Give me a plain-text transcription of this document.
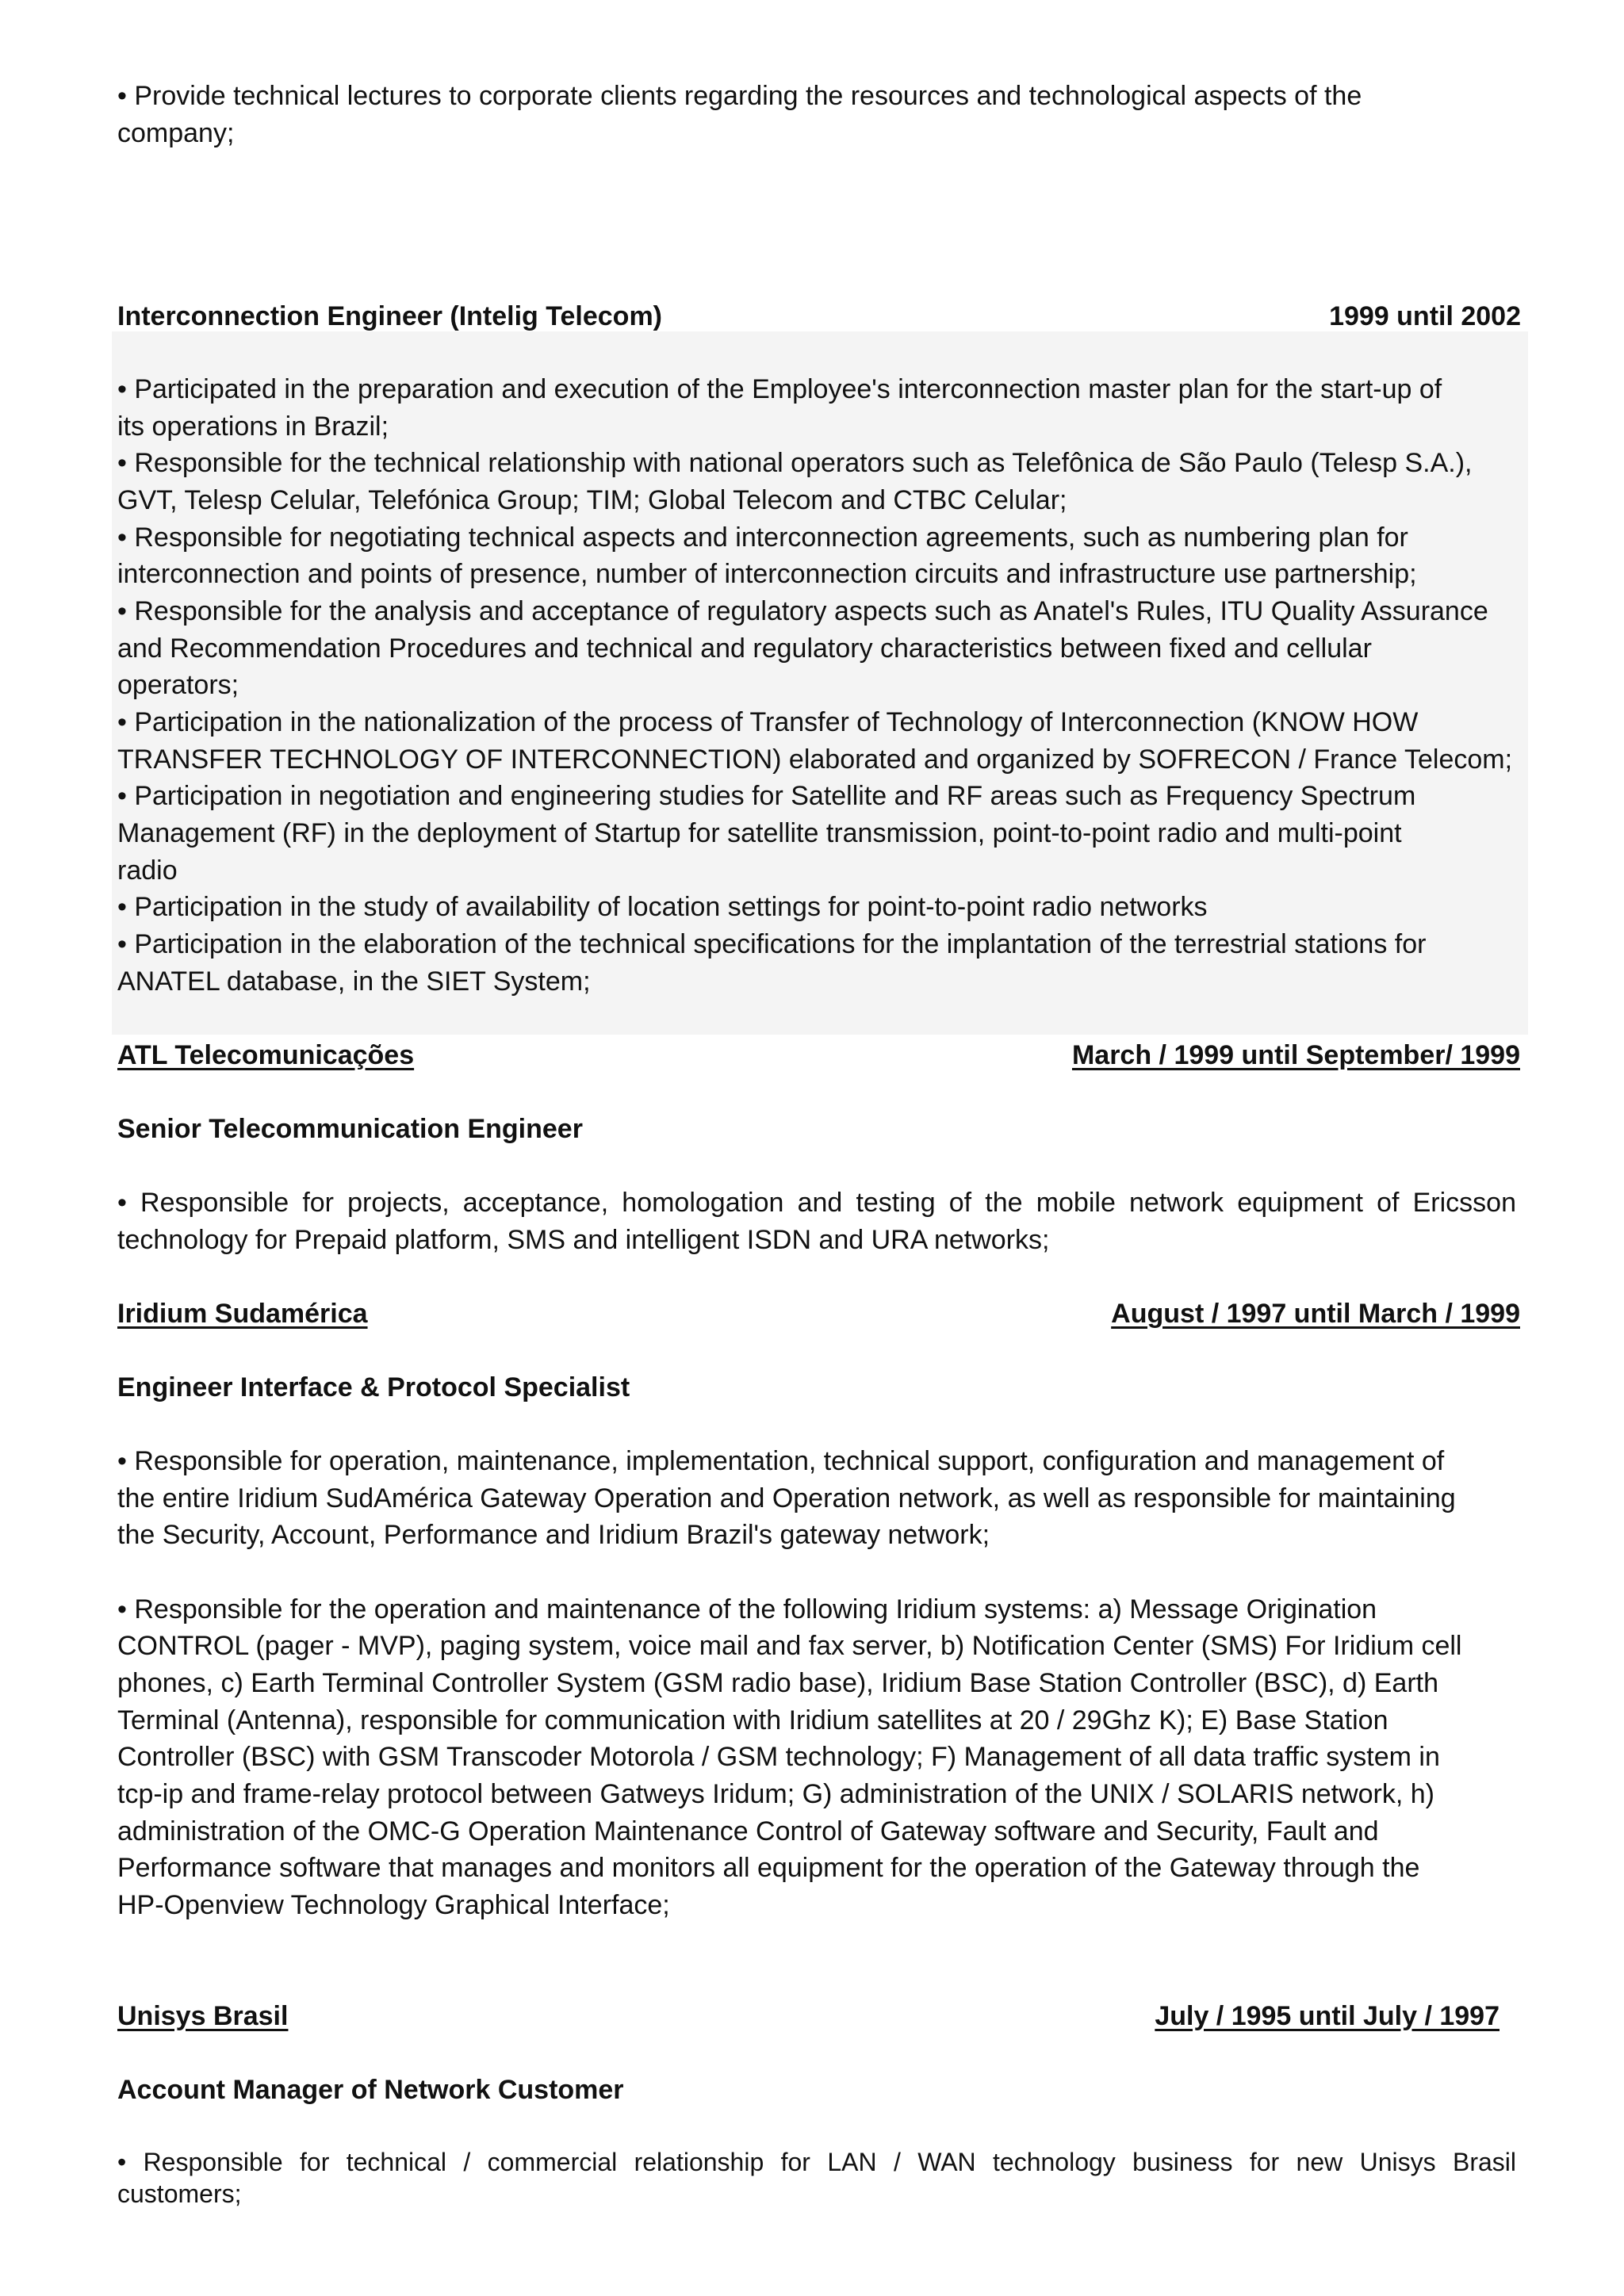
• Provide technical lectures to corporate clients regarding the resources and technological aspects of the
company;
Interconnection Engineer (Intelig Telecom)	1999 until 2002
• Participated in the preparation and execution of the Employee's interconnection master plan for the start-up of
its operations in Brazil;
• Responsible for the technical relationship with national operators such as Telefônica de São Paulo (Telesp S.A.),
GVT, Telesp Celular, Telefónica Group; TIM; Global Telecom and CTBC Celular;
• Responsible for negotiating technical aspects and interconnection agreements, such as numbering plan for
interconnection and points of presence, number of interconnection circuits and infrastructure use partnership;
• Responsible for the analysis and acceptance of regulatory aspects such as Anatel's Rules, ITU Quality Assurance
and Recommendation Procedures and technical and regulatory characteristics between fixed and cellular
operators;
• Participation in the nationalization of the process of Transfer of Technology of Interconnection (KNOW HOW
TRANSFER TECHNOLOGY OF INTERCONNECTION) elaborated and organized by SOFRECON / France Telecom;
• Participation in negotiation and engineering studies for Satellite and RF areas such as Frequency Spectrum
Management (RF) in the deployment of Startup for satellite transmission, point-to-point radio and multi-point
radio
• Participation in the study of availability of location settings for point-to-point radio networks
• Participation in the elaboration of the technical specifications for the implantation of the terrestrial stations for
ANATEL database, in the SIET System;
ATL Telecomunicações	March / 1999 until September/ 1999
Senior Telecommunication Engineer
• Responsible for projects, acceptance, homologation and testing of the mobile network equipment of Ericsson
technology for Prepaid platform, SMS and intelligent ISDN and URA networks;
Iridium Sudamérica	August / 1997 until March / 1999
Engineer Interface & Protocol Specialist
• Responsible for operation, maintenance, implementation, technical support, configuration and management of
the entire Iridium SudAmérica Gateway Operation and Operation network, as well as responsible for maintaining
the Security, Account, Performance and Iridium Brazil's gateway network;
• Responsible for the operation and maintenance of the following Iridium systems: a) Message Origination
CONTROL (pager - MVP), paging system, voice mail and fax server, b) Notification Center (SMS) For Iridium cell
phones, c) Earth Terminal Controller System (GSM radio base), Iridium Base Station Controller (BSC), d) Earth
Terminal (Antenna), responsible for communication with Iridium satellites at 20 / 29Ghz K); E) Base Station
Controller (BSC) with GSM Transcoder Motorola / GSM technology; F) Management of all data traffic system in
tcp-ip and frame-relay protocol between Gatweys Iridum; G) administration of the UNIX / SOLARIS network, h)
administration of the OMC-G Operation Maintenance Control of Gateway software and Security, Fault and
Performance software that manages and monitors all equipment for the operation of the Gateway through the
HP-Openview Technology Graphical Interface;
Unisys Brasil	July / 1995 until July / 1997
Account Manager of Network Customer
• Responsible for technical / commercial relationship for LAN / WAN technology business for new Unisys Brasil
customers;
